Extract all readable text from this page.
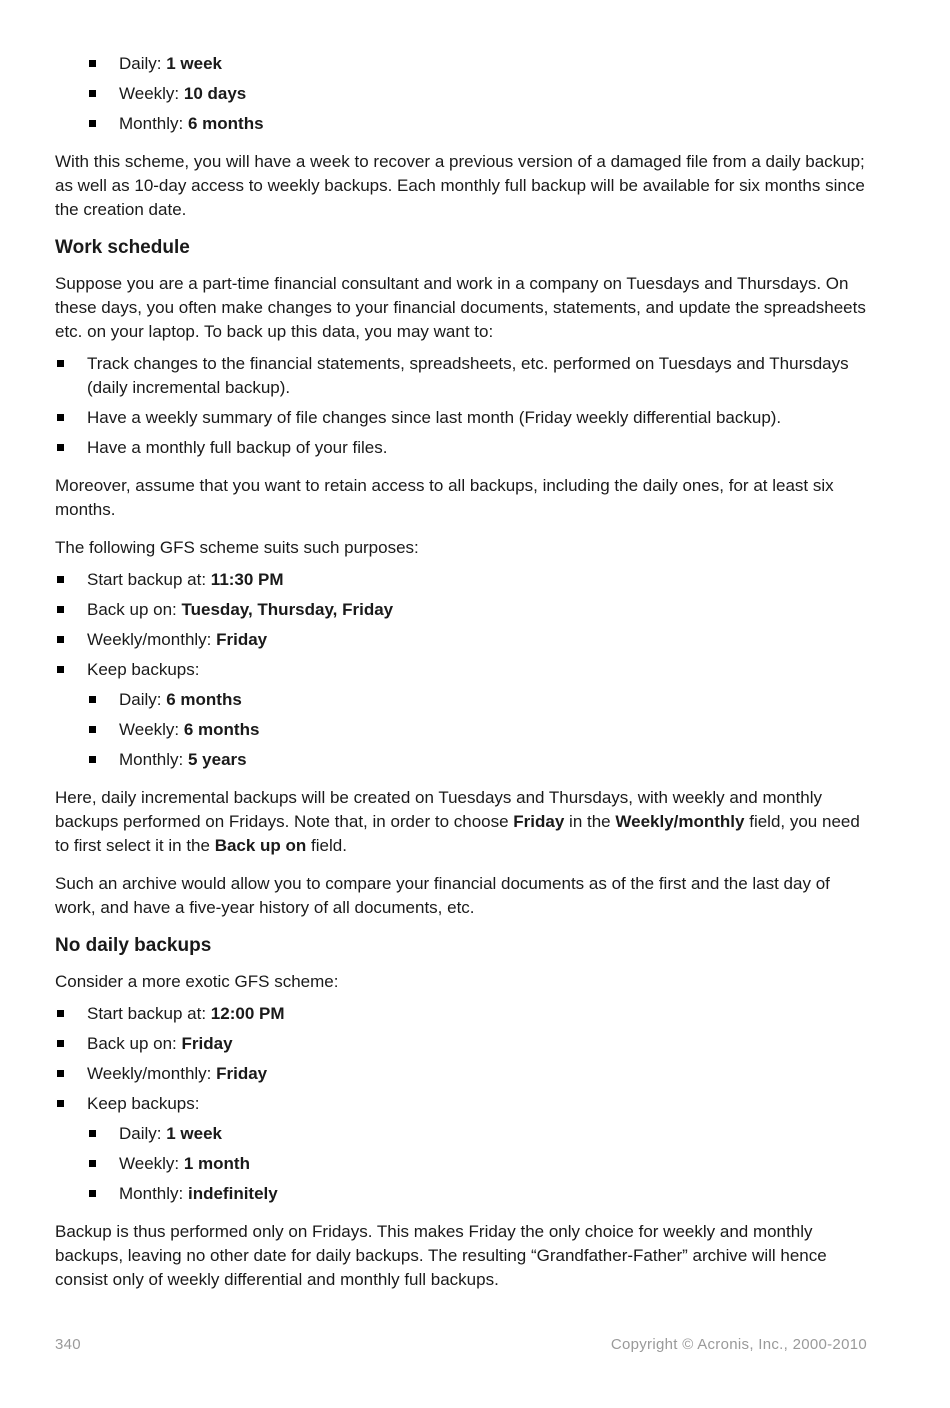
Daily: 1 week
Weekly: 10 days
Monthly: 6 months

With this scheme, you will have a week to recover a previous version of a damaged file from a daily backup; as well as 10-day access to weekly backups. Each monthly full backup will be available for six months since the creation date.

Work schedule

Suppose you are a part-time financial consultant and work in a company on Tuesdays and Thursdays. On these days, you often make changes to your financial documents, statements, and update the spreadsheets etc. on your laptop. To back up this data, you may want to:

Track changes to the financial statements, spreadsheets, etc. performed on Tuesdays and Thursdays (daily incremental backup).
Have a weekly summary of file changes since last month (Friday weekly differential backup).
Have a monthly full backup of your files.

Moreover, assume that you want to retain access to all backups, including the daily ones, for at least six months.

The following GFS scheme suits such purposes:

Start backup at: 11:30 PM
Back up on: Tuesday, Thursday, Friday
Weekly/monthly: Friday
Keep backups:
Daily: 6 months
Weekly: 6 months
Monthly: 5 years

Here, daily incremental backups will be created on Tuesdays and Thursdays, with weekly and monthly backups performed on Fridays. Note that, in order to choose Friday in the Weekly/monthly field, you need to first select it in the Back up on field.

Such an archive would allow you to compare your financial documents as of the first and the last day of work, and have a five-year history of all documents, etc.

No daily backups

Consider a more exotic GFS scheme:

Start backup at: 12:00 PM
Back up on: Friday
Weekly/monthly: Friday
Keep backups:
Daily: 1 week
Weekly: 1 month
Monthly: indefinitely

Backup is thus performed only on Fridays. This makes Friday the only choice for weekly and monthly backups, leaving no other date for daily backups. The resulting “Grandfather-Father” archive will hence consist only of weekly differential and monthly full backups.

340	Copyright © Acronis, Inc., 2000-2010
